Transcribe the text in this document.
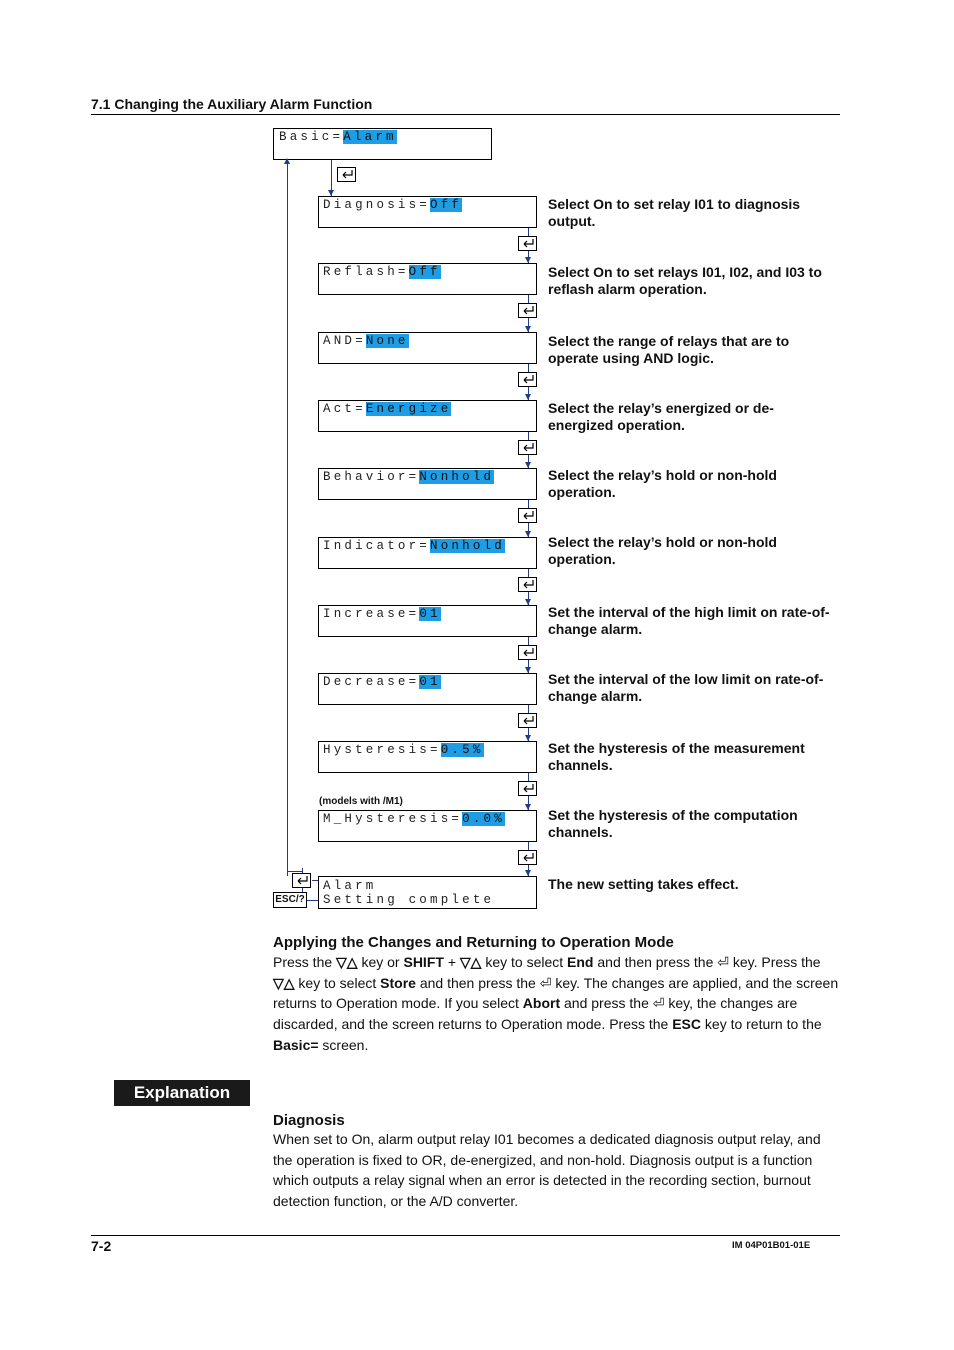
7.1 Changing the Auxiliary Alarm Function
Basic=Alarm
Diagnosis=Off	Select On to set relay I01 to diagnosis output.
Reflash=Off	Select On to set relays I01, I02, and I03 to reflash alarm operation.
AND=None	Select the range of relays that are to operate using AND logic.
Act=Energize	Select the relay’s energized or de-energized operation.
Behavior=Nonhold	Select the relay’s hold or non-hold operation.
Indicator=Nonhold	Select the relay’s hold or non-hold operation.
Increase=01	Set the interval of the high limit on rate-of-change alarm.
Decrease=01	Set the interval of the low limit on rate-of-change alarm.
Hysteresis=0.5%	Set the hysteresis of the measurement channels.
M_Hysteresis=0.0%	Set the hysteresis of the computation channels.
(models with /M1)
Alarm
Setting complete
The new setting takes effect.
ESC/?
Applying the Changes and Returning to Operation Mode
Press the ▽△ key or SHIFT + ▽△ key to select End and then press the ⏎ key. Press the ▽△ key to select Store and then press the ⏎ key. The changes are applied, and the screen returns to Operation mode. If you select Abort and press the ⏎ key, the changes are discarded, and the screen returns to Operation mode. Press the ESC key to return to the Basic= screen.
Explanation
Diagnosis
When set to On, alarm output relay I01 becomes a dedicated diagnosis output relay, and the operation is fixed to OR, de-energized, and non-hold. Diagnosis output is a function which outputs a relay signal when an error is detected in the recording section, burnout detection function, or the A/D converter.
7-2	IM 04P01B01-01E
